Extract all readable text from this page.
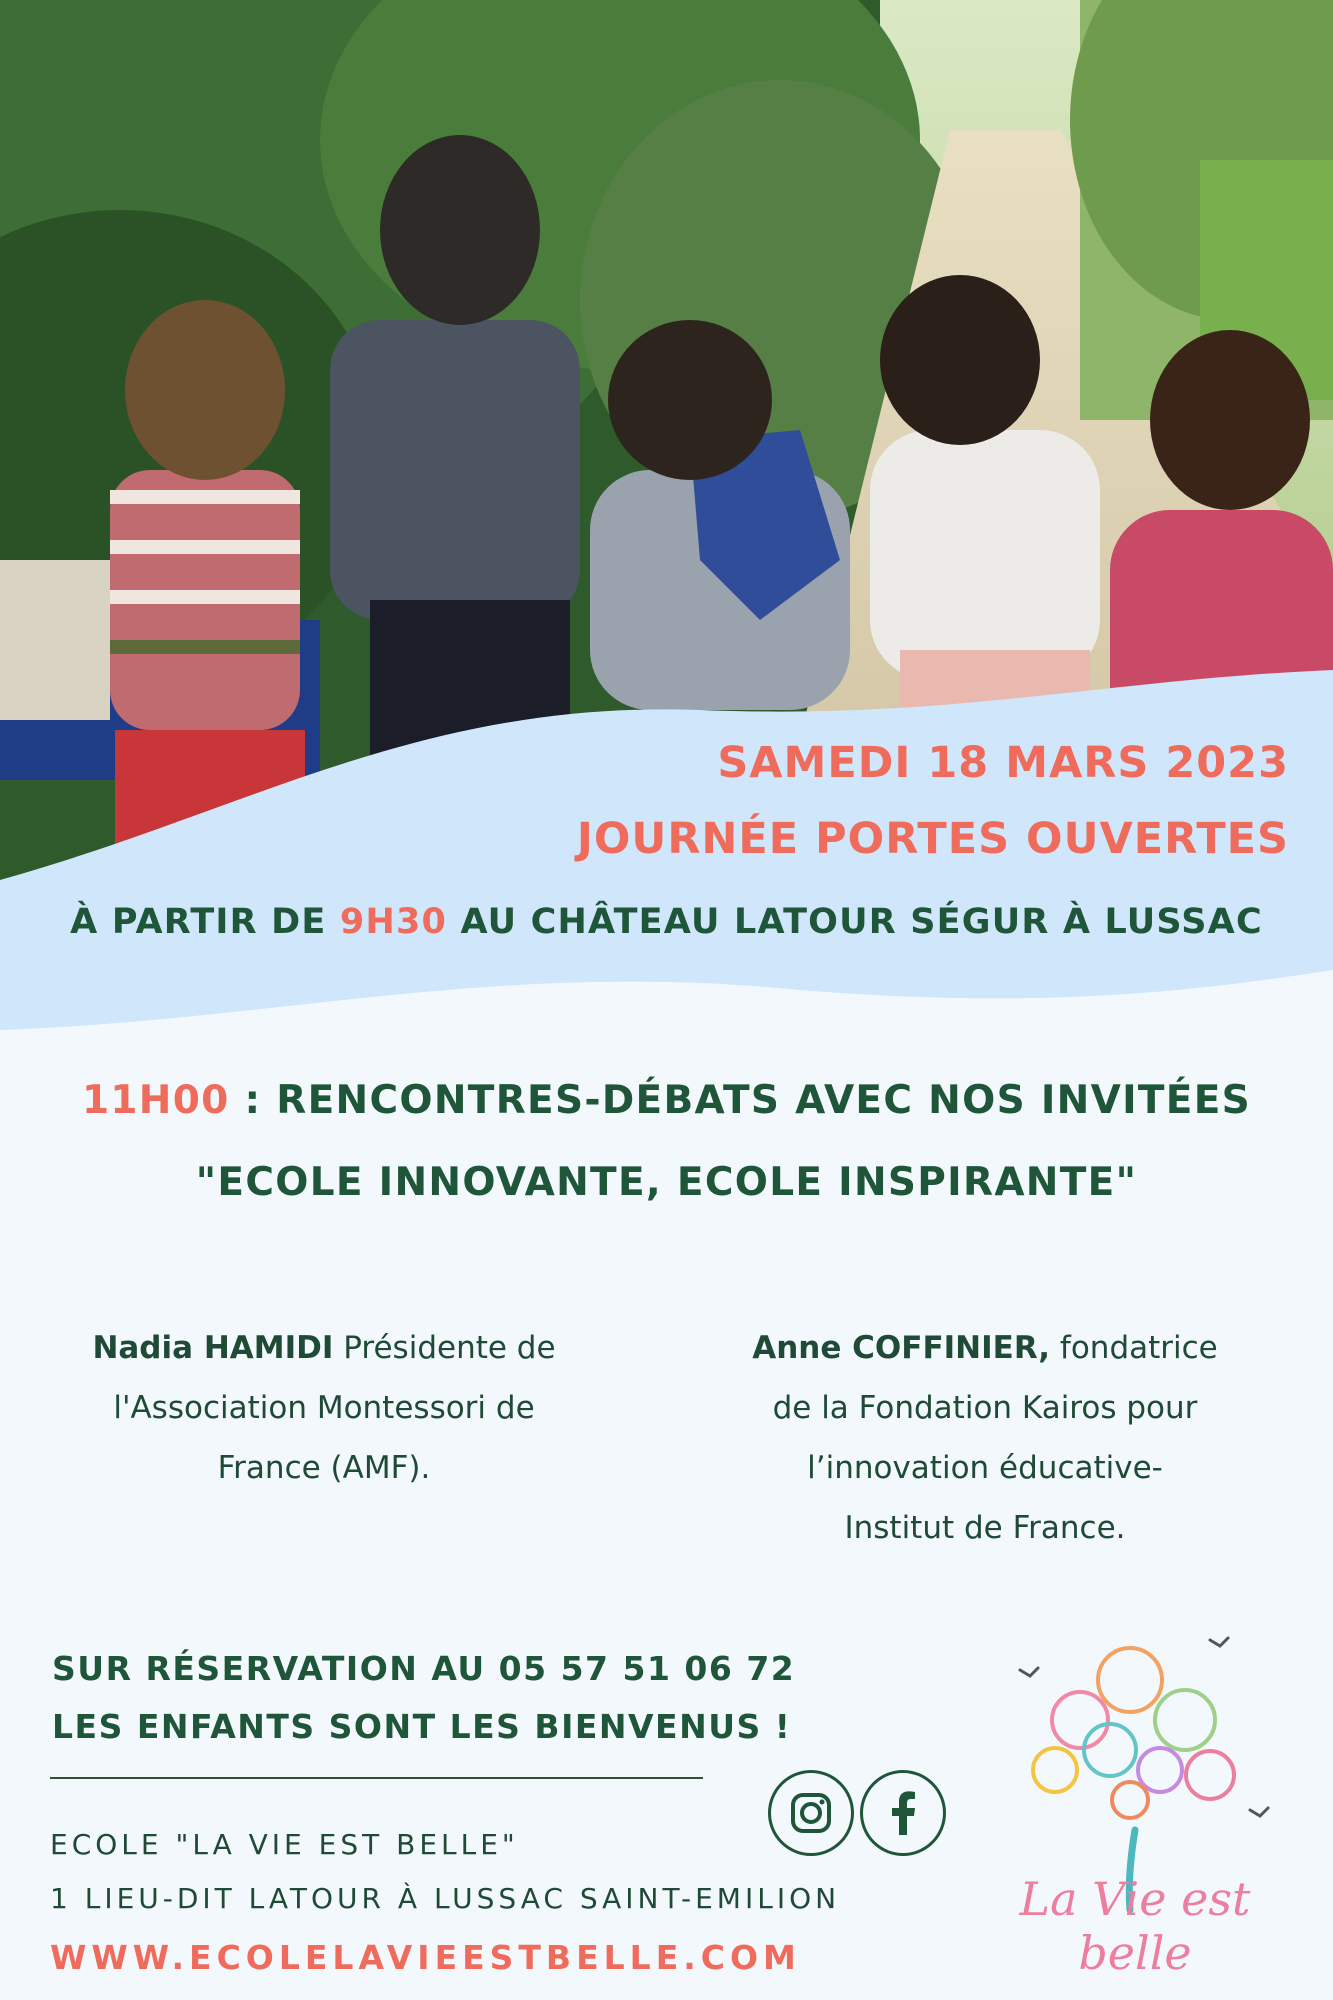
SAMEDI 18 MARS 2023
JOURNÉE PORTES OUVERTES
À PARTIR DE 9H30 AU CHÂTEAU LATOUR SÉGUR À LUSSAC
11H00 : RENCONTRES-DÉBATS AVEC NOS INVITÉES
"ECOLE INNOVANTE, ECOLE INSPIRANTE"
Nadia HAMIDI Présidente de
l'Association Montessori de
France (AMF).
Anne COFFINIER, fondatrice
de la Fondation Kairos pour
l’innovation éducative-
Institut de France.
SUR RÉSERVATION AU 05 57 51 06 72
LES ENFANTS SONT LES BIENVENUS !
ECOLE "LA VIE EST BELLE"
1 LIEU-DIT LATOUR À LUSSAC SAINT-EMILION
WWW.ECOLELAVIEESTBELLE.COM
La Vie est belle
